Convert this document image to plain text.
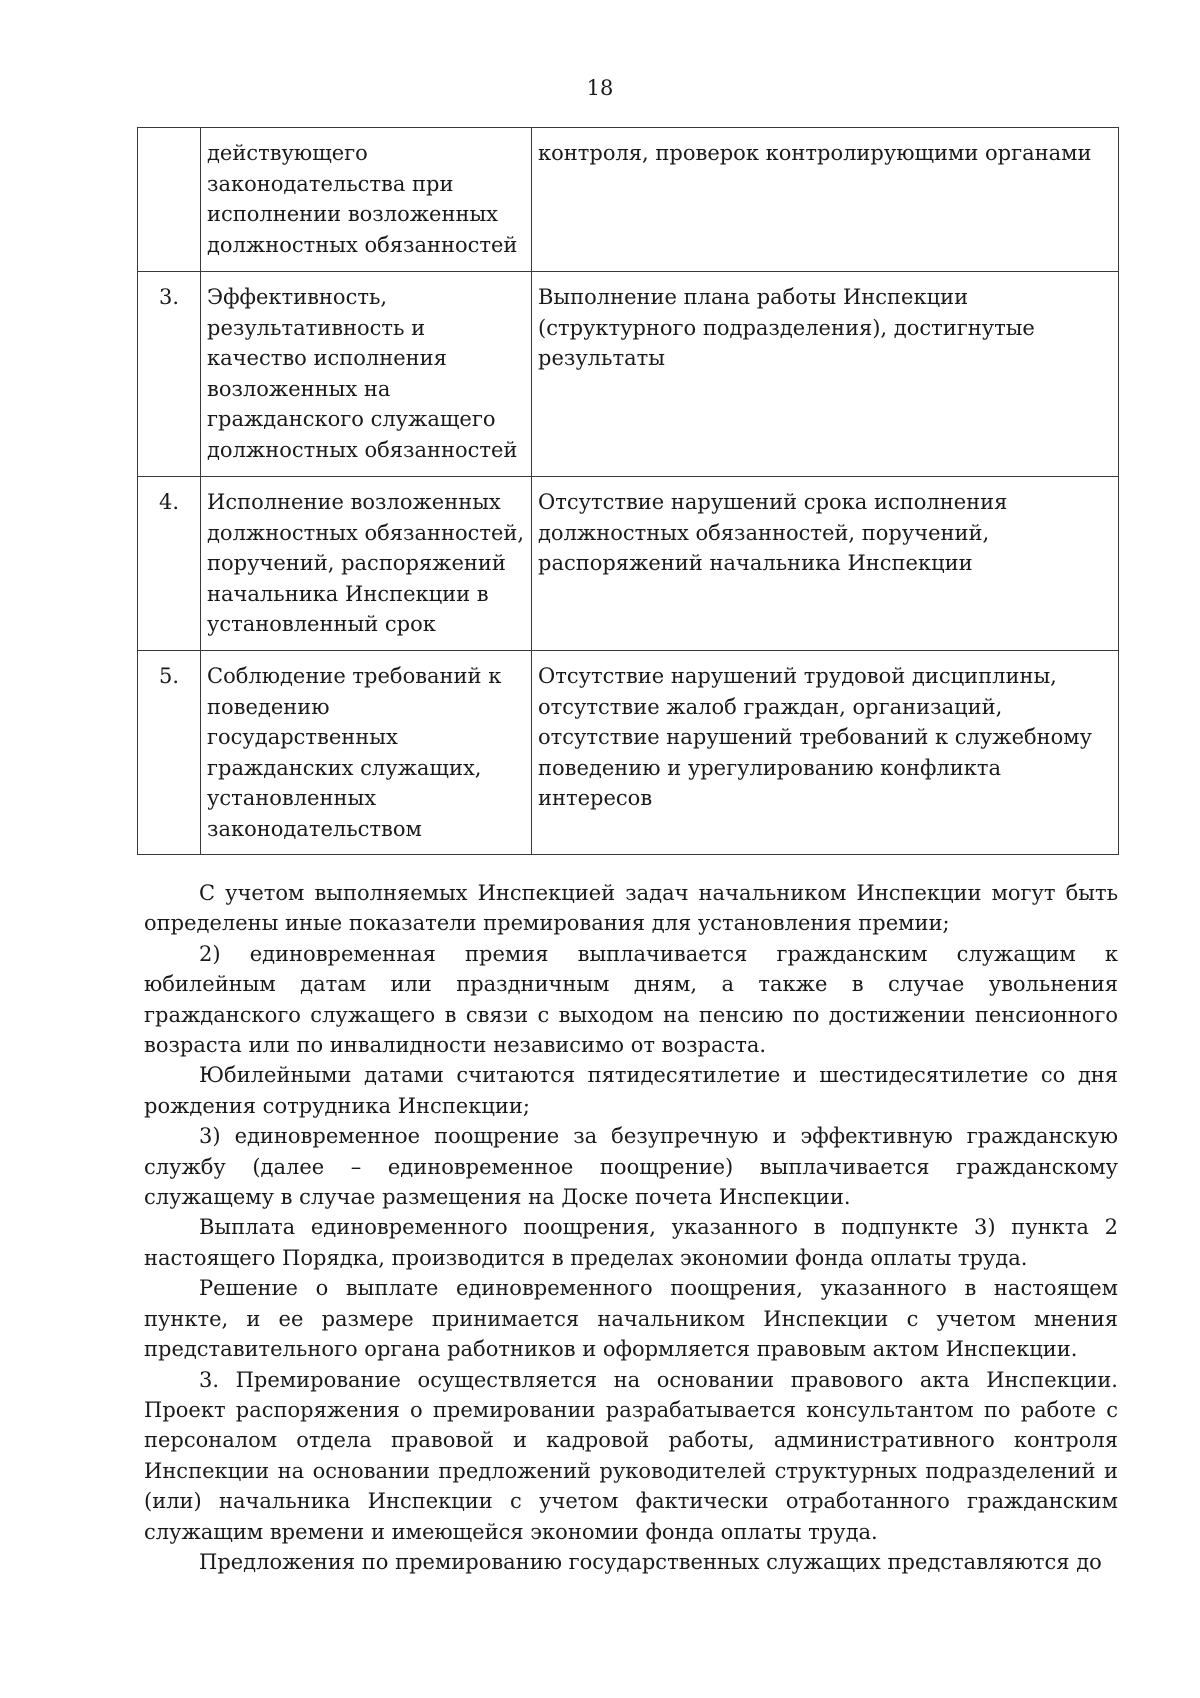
18
	действующего законодательства при исполнении возложенных должностных обязанностей	контроля, проверок контролирующими органами
3.	Эффективность, результативность и качество исполнения возложенных на гражданского служащего должностных обязанностей	Выполнение плана работы Инспекции (структурного подразделения), достигнутые результаты
4.	Исполнение возложенных должностных обязанностей, поручений, распоряжений начальника Инспекции в установленный срок	Отсутствие нарушений срока исполнения должностных обязанностей, поручений, распоряжений начальника Инспекции
5.	Соблюдение требований к поведению государственных гражданских служащих, установленных законодательством	Отсутствие нарушений трудовой дисциплины, отсутствие жалоб граждан, организаций, отсутствие нарушений требований к служебному поведению и урегулированию конфликта интересов

С учетом выполняемых Инспекцией задач начальником Инспекции могут быть определены иные показатели премирования для установления премии;

2) единовременная премия выплачивается гражданским служащим к юбилейным датам или праздничным дням, а также в случае увольнения гражданского служащего в связи с выходом на пенсию по достижении пенсионного возраста или по инвалидности независимо от возраста.

Юбилейными датами считаются пятидесятилетие и шестидесятилетие со дня рождения сотрудника Инспекции;

3) единовременное поощрение за безупречную и эффективную гражданскую службу (далее – единовременное поощрение) выплачивается гражданскому служащему в случае размещения на Доске почета Инспекции.

Выплата единовременного поощрения, указанного в подпункте 3) пункта 2 настоящего Порядка, производится в пределах экономии фонда оплаты труда.

Решение о выплате единовременного поощрения, указанного в настоящем пункте, и ее размере принимается начальником Инспекции с учетом мнения представительного органа работников и оформляется правовым актом Инспекции.

3. Премирование осуществляется на основании правового акта Инспекции. Проект распоряжения о премировании разрабатывается консультантом по работе с персоналом отдела правовой и кадровой работы, административного контроля Инспекции на основании предложений руководителей структурных подразделений и (или) начальника Инспекции с учетом фактически отработанного гражданским служащим времени и имеющейся экономии фонда оплаты труда.

Предложения по премированию государственных служащих представляются до
